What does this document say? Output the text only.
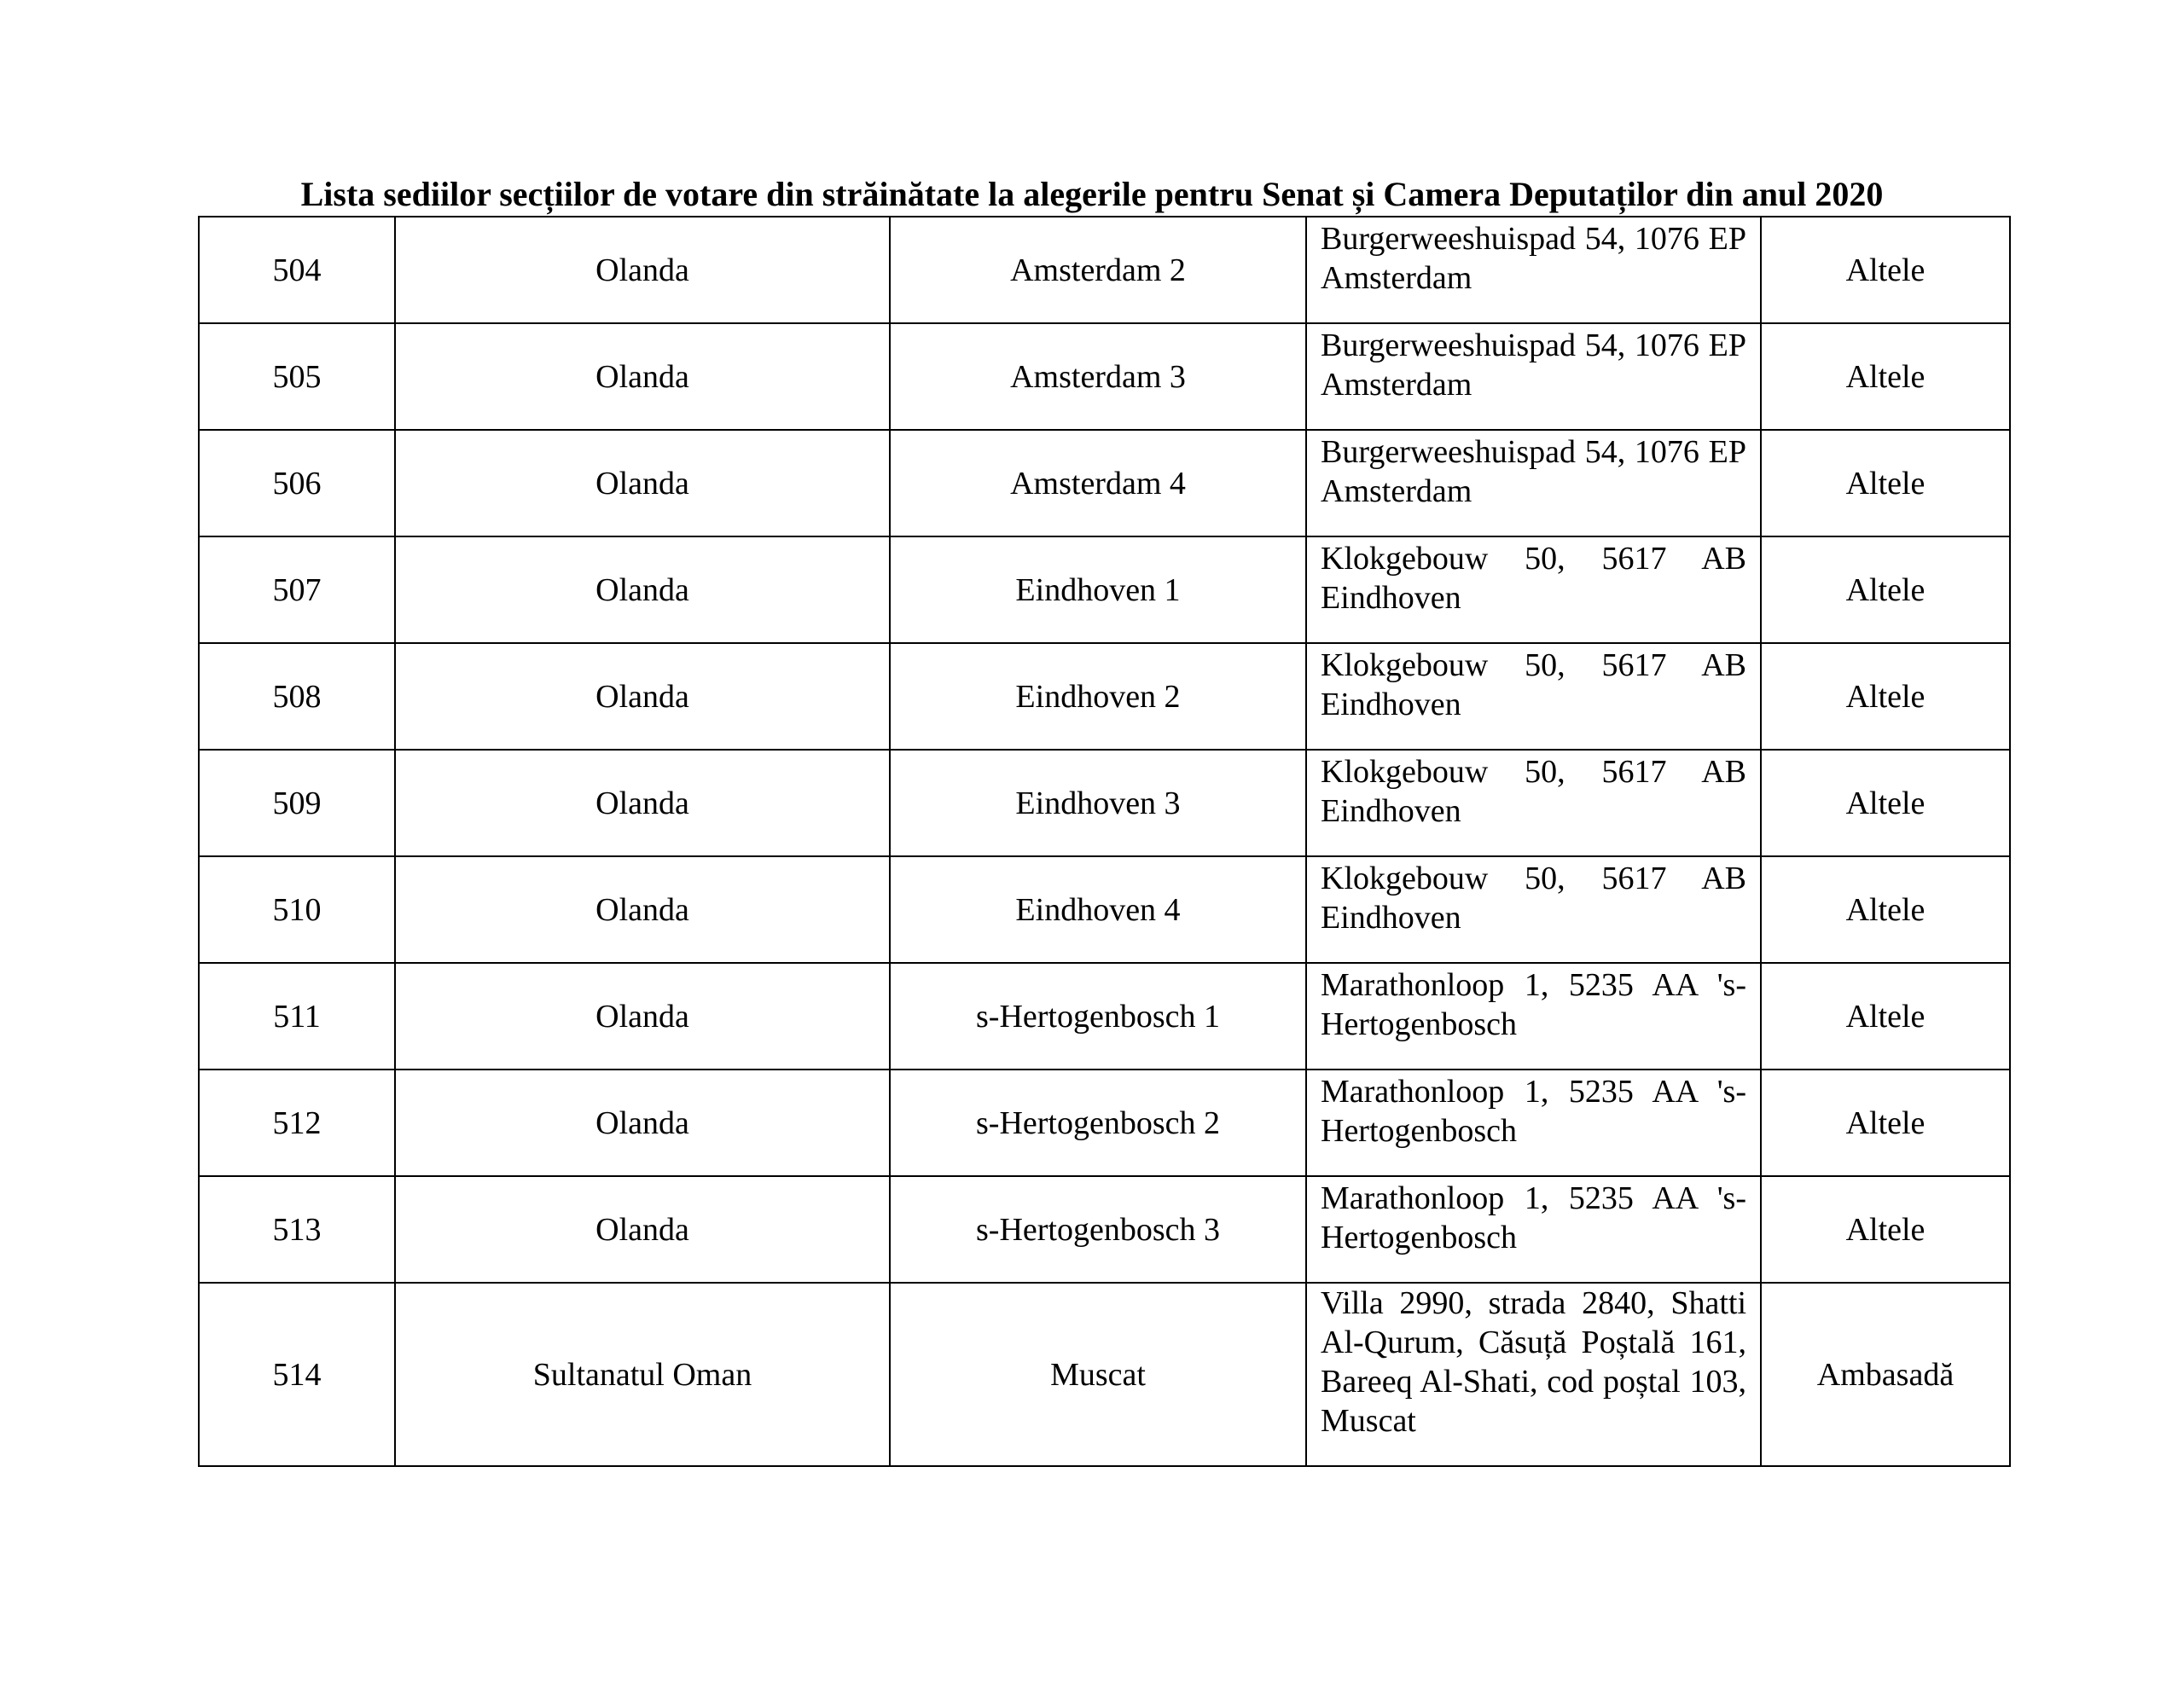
Lista sediilor secțiilor de votare din străinătate la alegerile pentru Senat și Camera Deputaților din anul 2020
504	Olanda	Amsterdam 2	Burgerweeshuispad 54, 1076 EP Amsterdam	Altele
505	Olanda	Amsterdam 3	Burgerweeshuispad 54, 1076 EP Amsterdam	Altele
506	Olanda	Amsterdam 4	Burgerweeshuispad 54, 1076 EP Amsterdam	Altele
507	Olanda	Eindhoven 1	Klokgebouw 50, 5617 AB Eindhoven	Altele
508	Olanda	Eindhoven 2	Klokgebouw 50, 5617 AB Eindhoven	Altele
509	Olanda	Eindhoven 3	Klokgebouw 50, 5617 AB Eindhoven	Altele
510	Olanda	Eindhoven 4	Klokgebouw 50, 5617 AB Eindhoven	Altele
511	Olanda	s-Hertogenbosch 1	Marathonloop 1, 5235 AA 's-Hertogenbosch	Altele
512	Olanda	s-Hertogenbosch 2	Marathonloop 1, 5235 AA 's-Hertogenbosch	Altele
513	Olanda	s-Hertogenbosch 3	Marathonloop 1, 5235 AA 's-Hertogenbosch	Altele
514	Sultanatul Oman	Muscat	Villa 2990, strada 2840, Shatti Al-Qurum, Căsuță Poștală 161, Bareeq Al-Shati, cod poștal 103, Muscat	Ambasadă
